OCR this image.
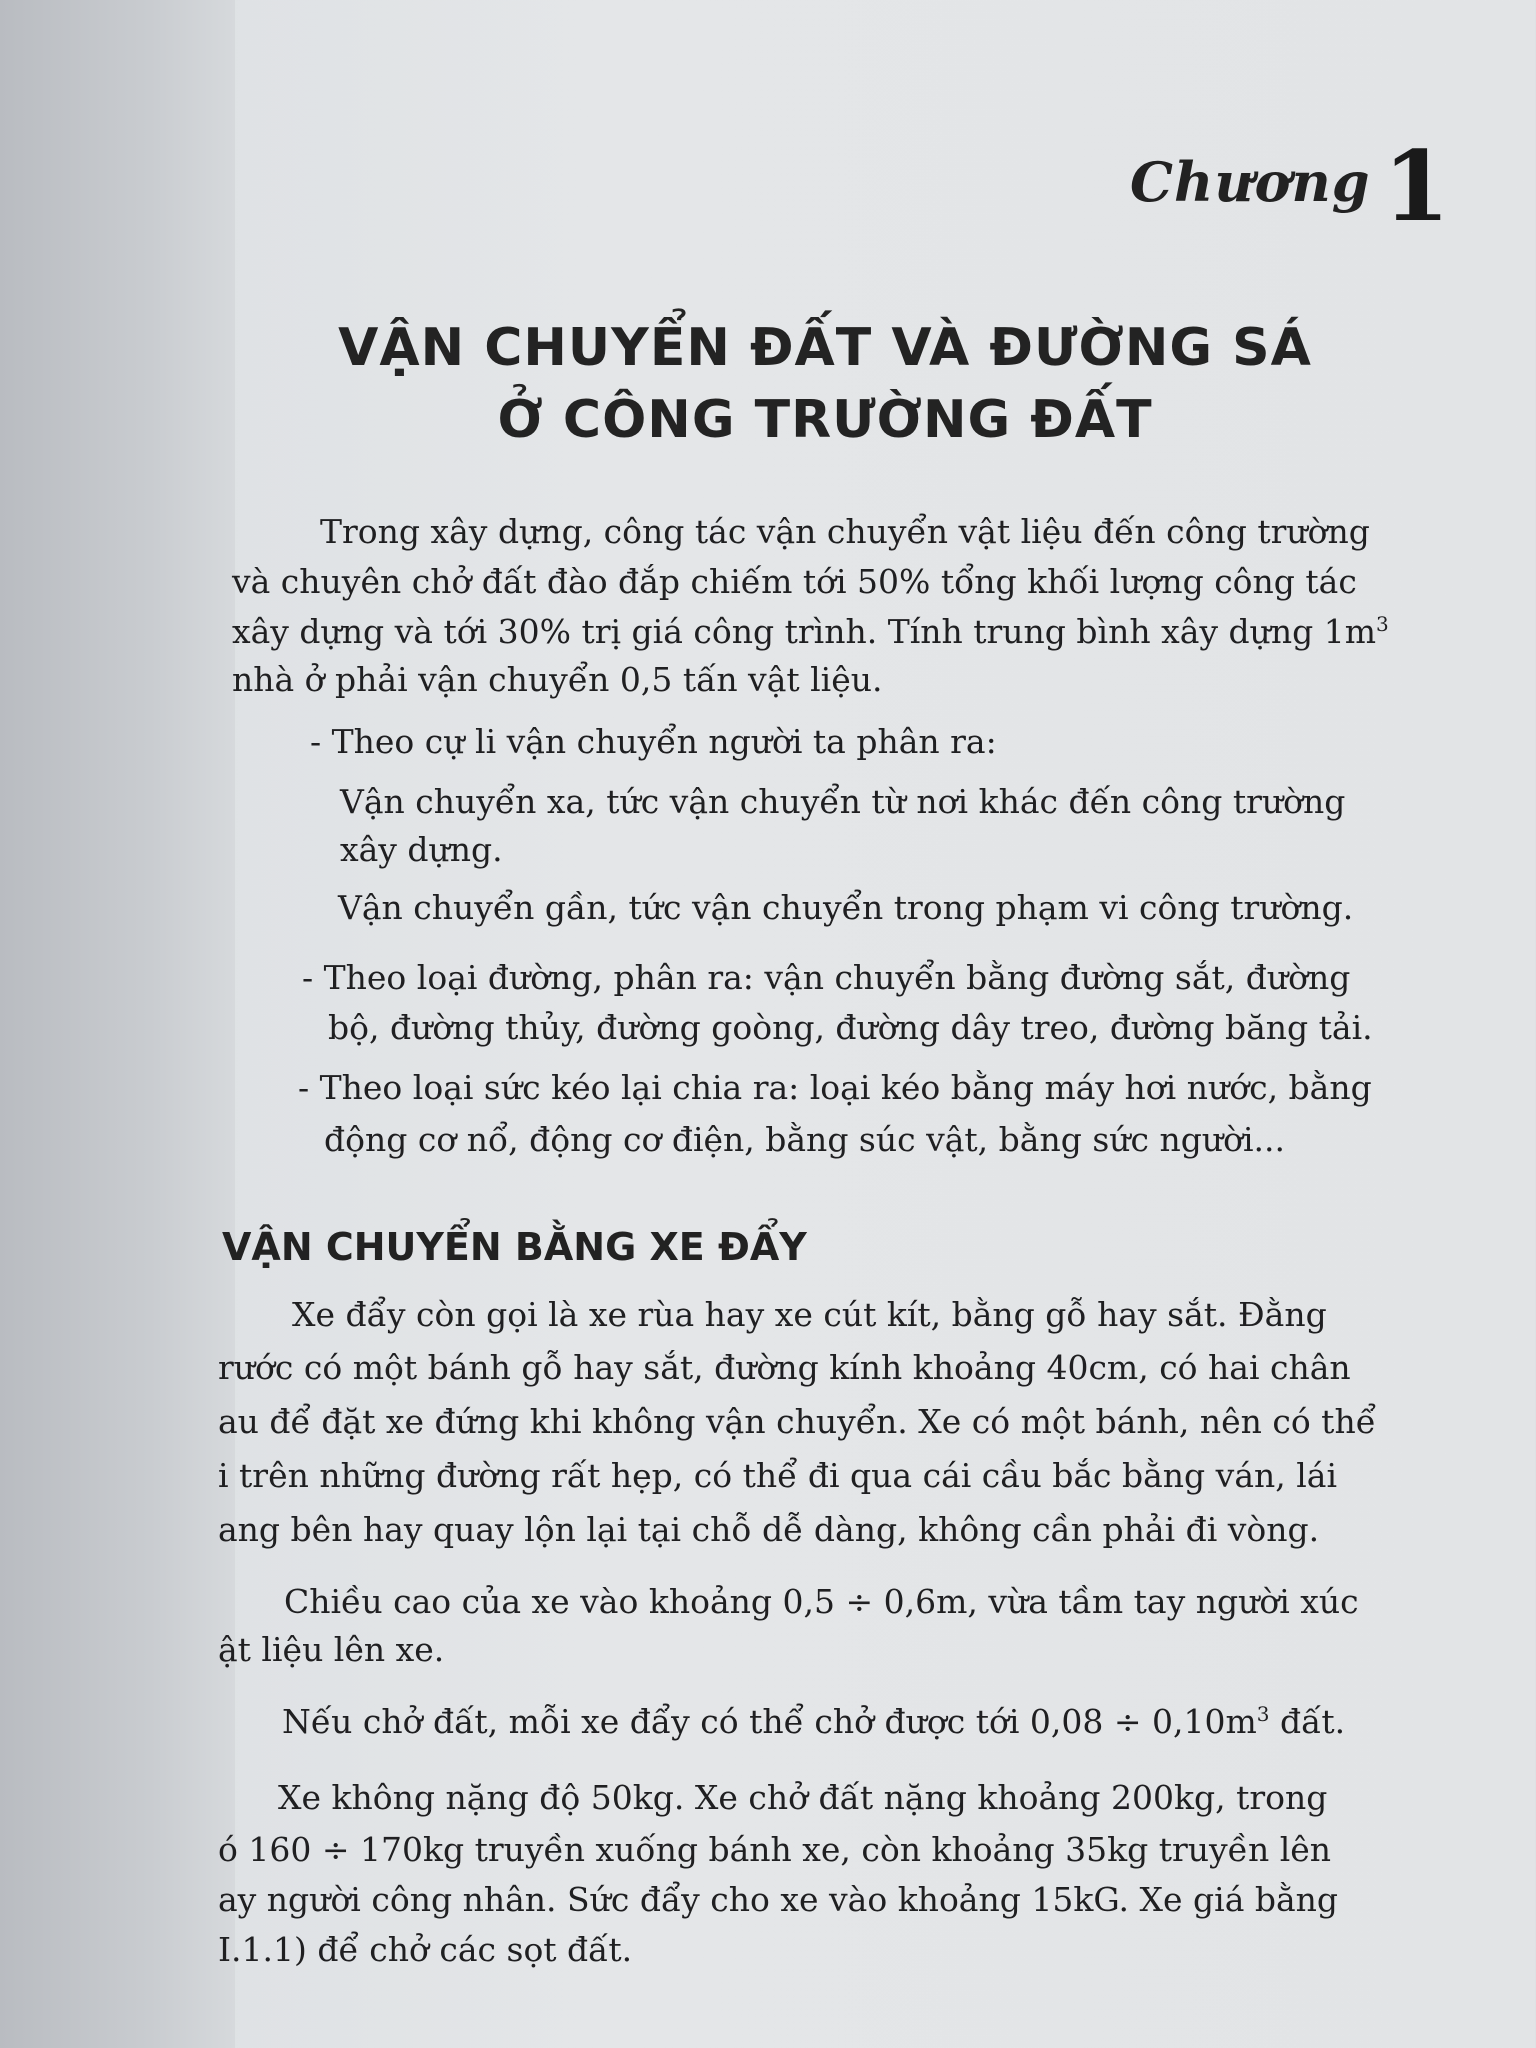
Chương 1
VẬN CHUYỂN ĐẤT VÀ ĐƯỜNG SÁ
Ở CÔNG TRƯỜNG ĐẤT
Trong xây dựng, công tác vận chuyển vật liệu đến công trường
và chuyên chở đất đào đắp chiếm tới 50% tổng khối lượng công tác
xây dựng và tới 30% trị giá công trình. Tính trung bình xây dựng $1m^3$
nhà ở phải vận chuyển 0,5 tấn vật liệu.
- Theo cự li vận chuyển người ta phân ra:
Vận chuyển xa, tức vận chuyển từ nơi khác đến công trường
xây dựng.
Vận chuyển gần, tức vận chuyển trong phạm vi công trường.
- Theo loại đường, phân ra: vận chuyển bằng đường sắt, đường
bộ, đường thủy, đường goòng, đường dây treo, đường băng tải.
- Theo loại sức kéo lại chia ra: loại kéo bằng máy hơi nước, bằng
động cơ nổ, động cơ điện, bằng súc vật, bằng sức người...
VẬN CHUYỂN BẰNG XE ĐẨY
Xe đẩy còn gọi là xe rùa hay xe cút kít, bằng gỗ hay sắt. Đằng
rước có một bánh gỗ hay sắt, đường kính khoảng 40cm, có hai chân
au để đặt xe đứng khi không vận chuyển. Xe có một bánh, nên có thể
i trên những đường rất hẹp, có thể đi qua cái cầu bắc bằng ván, lái
ang bên hay quay lộn lại tại chỗ dễ dàng, không cần phải đi vòng.
Chiều cao của xe vào khoảng 0,5 ÷ 0,6m, vừa tầm tay người xúc
ật liệu lên xe.
Nếu chở đất, mỗi xe đẩy có thể chở được tới $0,08 \div 0,10m^3$ đất.
Xe không nặng độ 50kg. Xe chở đất nặng khoảng 200kg, trong
ó 160 ÷ 170kg truyền xuống bánh xe, còn khoảng 35kg truyền lên
ay người công nhân. Sức đẩy cho xe vào khoảng 15kG. Xe giá bằng
I.1.1) để chở các sọt đất.
